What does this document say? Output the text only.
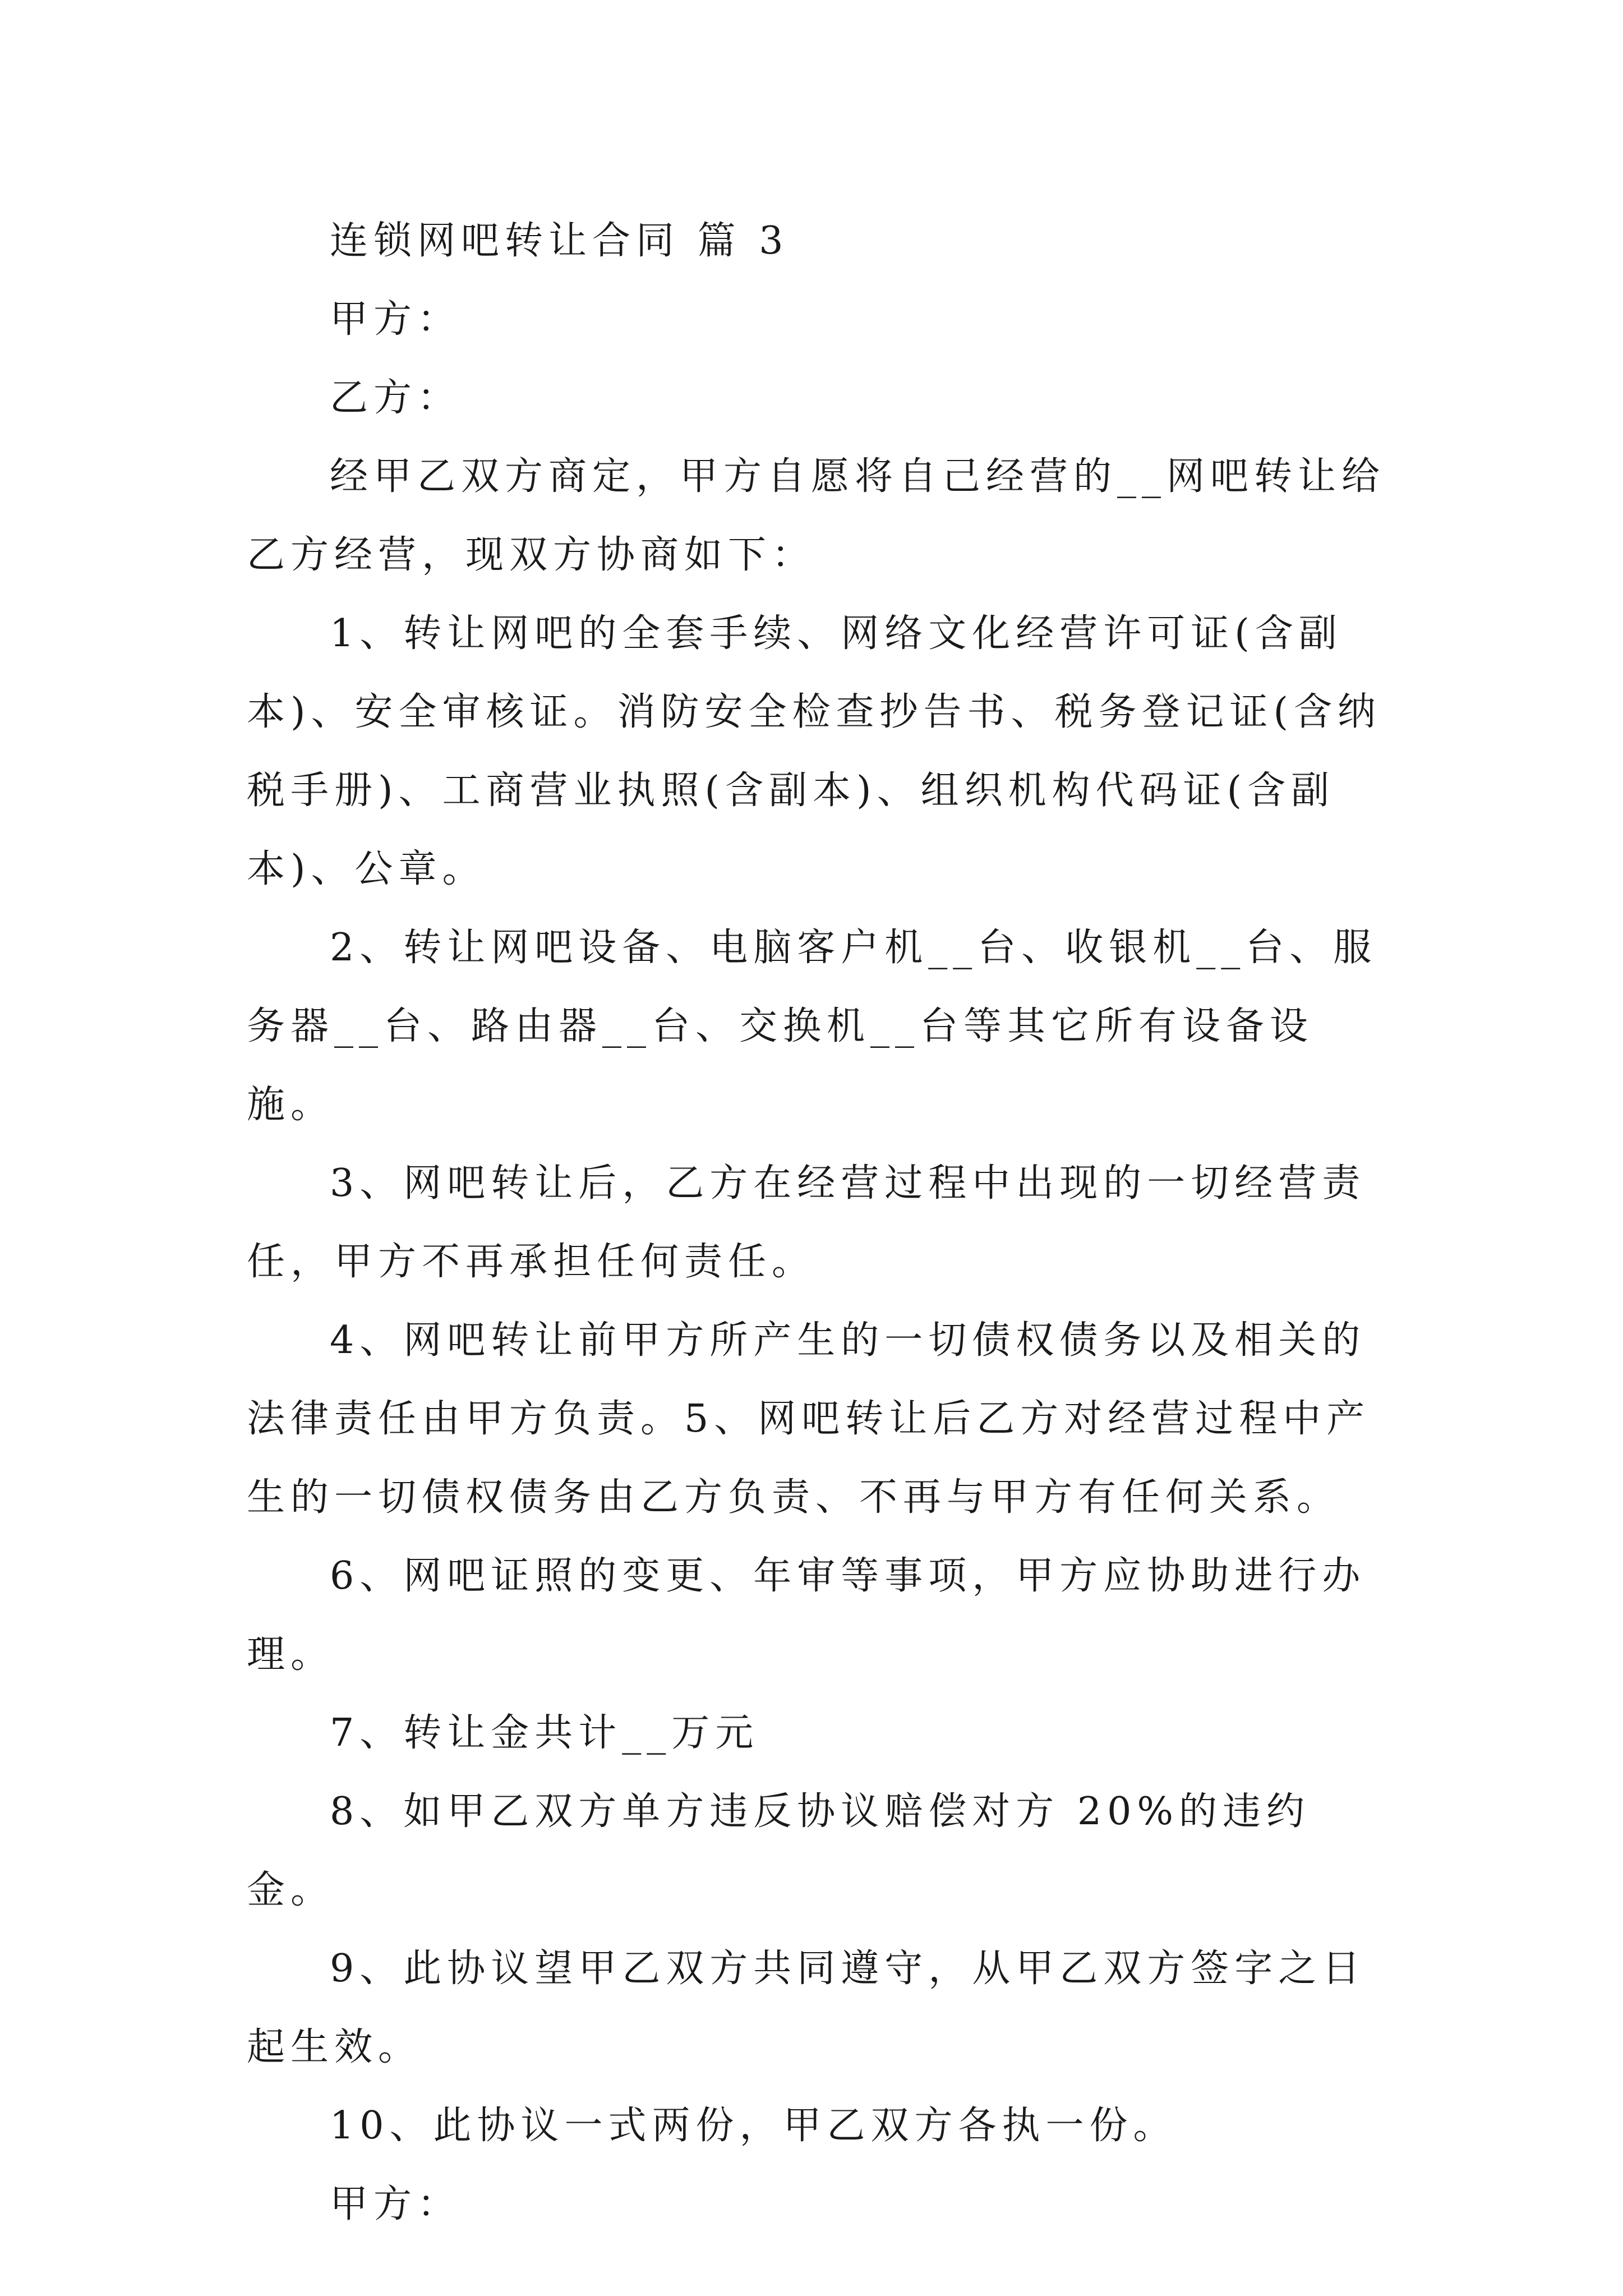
连锁网吧转让合同 篇 3

甲方：

乙方：

经甲乙双方商定，甲方自愿将自己经营的__网吧转让给乙方经营，现双方协商如下：

1、转让网吧的全套手续、网络文化经营许可证(含副本)、安全审核证。消防安全检查抄告书、税务登记证(含纳税手册)、工商营业执照(含副本)、组织机构代码证(含副本)、公章。

2、转让网吧设备、电脑客户机__台、收银机__台、服务器__台、路由器__台、交换机__台等其它所有设备设施。

3、网吧转让后，乙方在经营过程中出现的一切经营责任，甲方不再承担任何责任。

4、网吧转让前甲方所产生的一切债权债务以及相关的法律责任由甲方负责。5、网吧转让后乙方对经营过程中产生的一切债权债务由乙方负责、不再与甲方有任何关系。

6、网吧证照的变更、年审等事项，甲方应协助进行办理。

7、转让金共计__万元

8、如甲乙双方单方违反协议赔偿对方 20%的违约金。

9、此协议望甲乙双方共同遵守，从甲乙双方签字之日起生效。

10、此协议一式两份，甲乙双方各执一份。

甲方：
